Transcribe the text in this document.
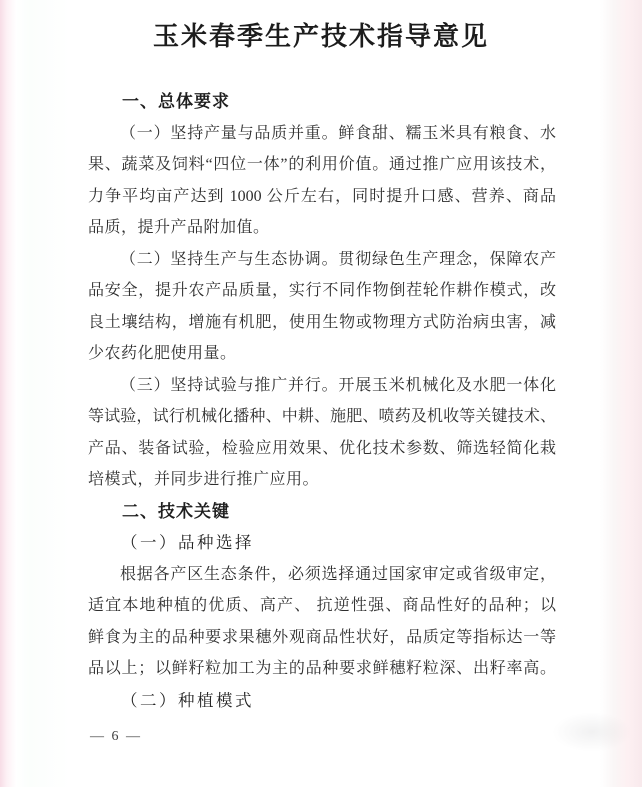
玉米春季生产技术指导意见
一、总体要求
（一）坚持产量与品质并重。鲜食甜、糯玉米具有粮食、水
果、蔬菜及饲料“四位一体”的利用价值。通过推广应用该技术，
力争平均亩产达到 1000 公斤左右，同时提升口感、营养、商品
品质，提升产品附加值。
（二）坚持生产与生态协调。贯彻绿色生产理念，保障农产
品安全，提升农产品质量，实行不同作物倒茬轮作耕作模式，改
良土壤结构，增施有机肥，使用生物或物理方式防治病虫害，减
少农药化肥使用量。
（三）坚持试验与推广并行。开展玉米机械化及水肥一体化
等试验，试行机械化播种、中耕、施肥、喷药及机收等关键技术、
产品、装备试验，检验应用效果、优化技术参数、筛选轻简化栽
培模式，并同步进行推广应用。
二、技术关键
（一）品种选择
根据各产区生态条件，必须选择通过国家审定或省级审定，
适宜本地种植的优质、高产、 抗逆性强、商品性好的品种；以
鲜食为主的品种要求果穗外观商品性状好，品质定等指标达一等
品以上；以鲜籽粒加工为主的品种要求鲜穗籽粒深、出籽率高。
（二）种植模式
— 6 —
